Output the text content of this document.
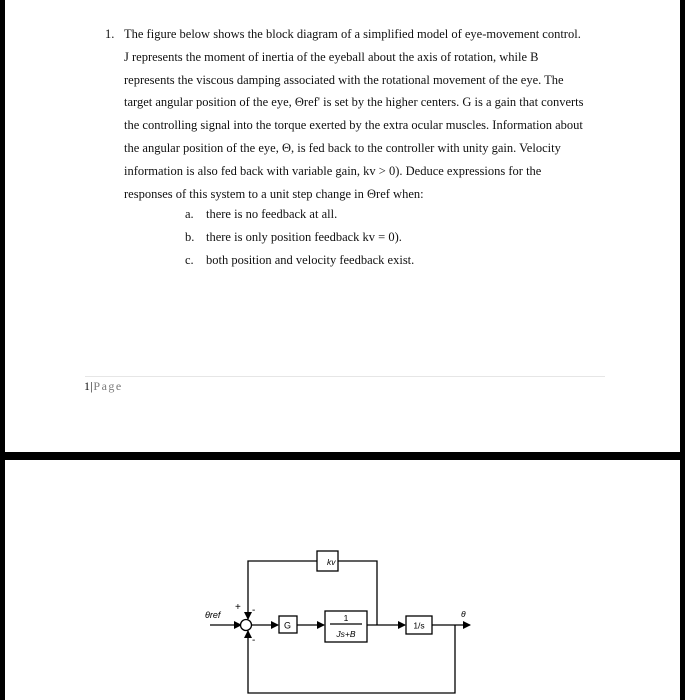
1. The figure below shows the block diagram of a simplified model of eye-movement control.
J represents the moment of inertia of the eyeball about the axis of rotation, while B
represents the viscous damping associated with the rotational movement of the eye. The
target angular position of the eye, Θref' is set by the higher centers. G is a gain that converts
the controlling signal into the torque exerted by the extra ocular muscles. Information about
the angular position of the eye, Θ, is fed back to the controller with unity gain. Velocity
information is also fed back with variable gain, kv > 0). Deduce expressions for the
responses of this system to a unit step change in Θref when:
a. there is no feedback at all.
b. there is only position feedback kv = 0).
c. both position and velocity feedback exist.
1|Page
θref
+ -
-
G
1
Js+B
1/s
kv
θ
